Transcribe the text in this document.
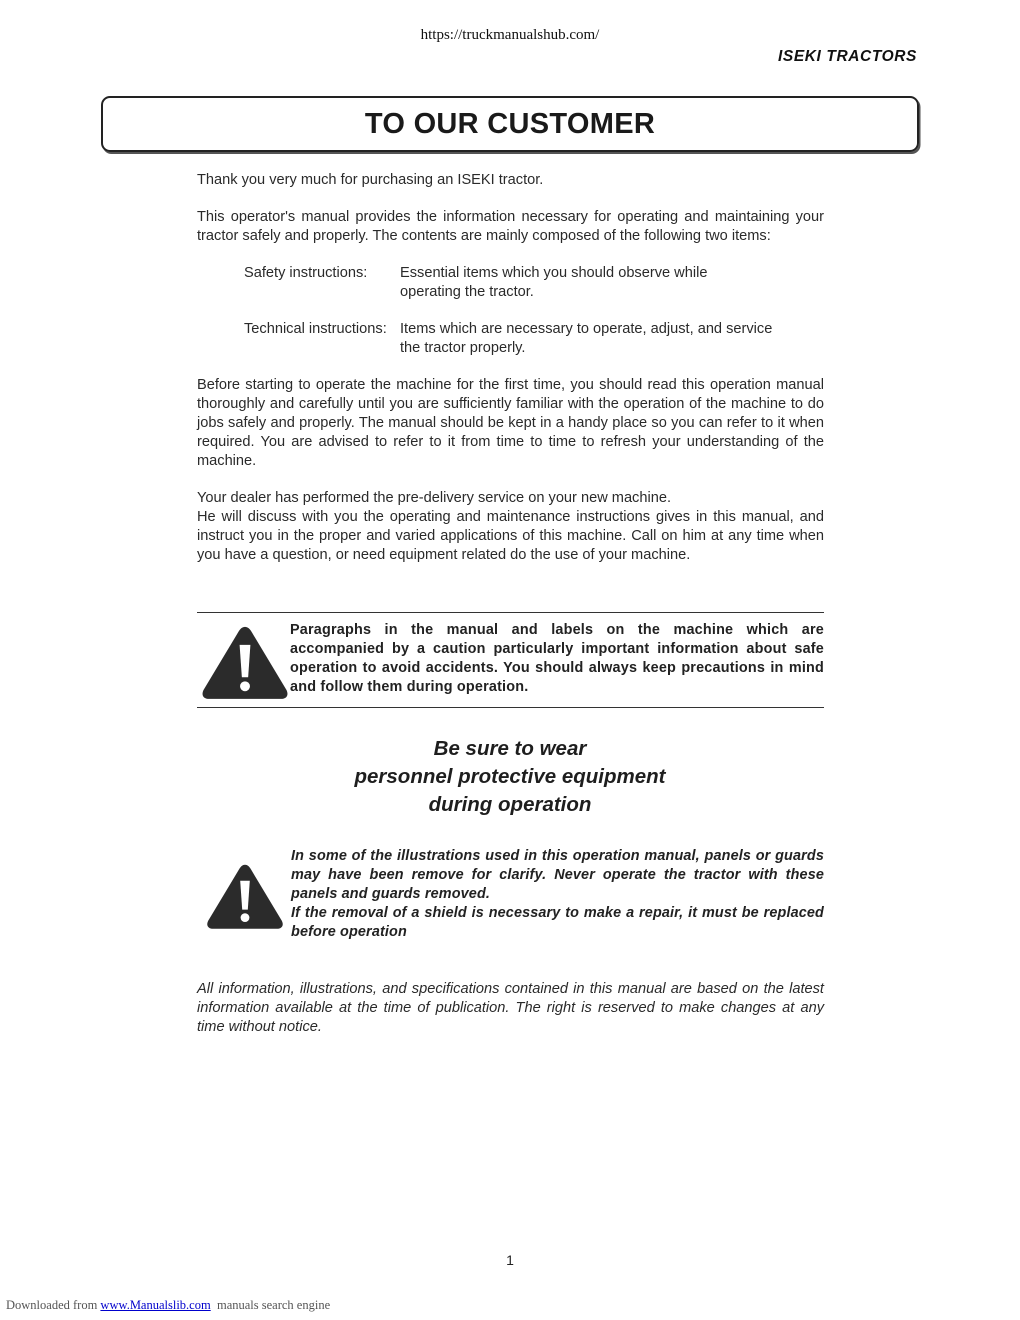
https://truckmanualshub.com/
ISEKI TRACTORS
TO OUR CUSTOMER

Thank you very much for purchasing an ISEKI tractor.

This operator's manual provides the information necessary for operating and maintaining your tractor safely and properly. The contents are mainly composed of the following two items:

Safety instructions:	Essential items which you should observe while
operating the tractor.
Technical instructions: Items which are necessary to operate, adjust, and service
the tractor properly.

Before starting to operate the machine for the first time, you should read this operation manual thoroughly and carefully until you are sufficiently familiar with the operation of the machine to do jobs safely and properly. The manual should be kept in a handy place so you can refer to it when required. You are advised to refer to it from time to time to refresh your understanding of the machine.

Your dealer has performed the pre-delivery service on your new machine.

He will discuss with you the operating and maintenance instructions gives in this manual, and instruct you in the proper and varied applications of this machine. Call on him at any time when you have a question, or need equipment related do the use of your machine.

Paragraphs in the manual and labels on the machine which are accompanied by a caution particularly important information about safe operation to avoid accidents. You should always keep precautions in mind and follow them during operation.
Be sure to wear
personnel protective equipment
during operation
In some of the illustrations used in this operation manual, panels or guards may have been remove for clarify. Never operate the tractor with these panels and guards removed.
If the removal of a shield is necessary to make a repair, it must be replaced before operation

All information, illustrations, and specifications contained in this manual are based on the latest information available at the time of publication. The right is reserved to make changes at any time without notice.

1
Downloaded from www.Manualslib.com  manuals search engine
